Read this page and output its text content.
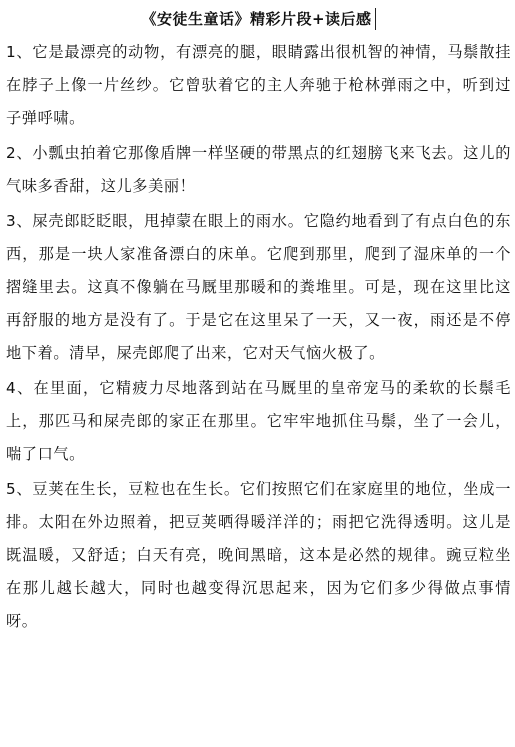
《安徒生童话》精彩片段+读后感

1、它是最漂亮的动物，有漂亮的腿，眼睛露出很机智的神情，马鬃散挂在脖子上像一片丝纱。它曾驮着它的主人奔驰于枪林弹雨之中，听到过子弹呼啸。

2、小瓢虫拍着它那像盾牌一样坚硬的带黑点的红翅膀飞来飞去。这儿的气味多香甜，这儿多美丽！

3、屎壳郎眨眨眼，甩掉蒙在眼上的雨水。它隐约地看到了有点白色的东西，那是一块人家准备漂白的床单。它爬到那里，爬到了湿床单的一个摺缝里去。这真不像躺在马厩里那暖和的粪堆里。可是，现在这里比这再舒服的地方是没有了。于是它在这里呆了一天，又一夜，雨还是不停地下着。清早，屎壳郎爬了出来，它对天气恼火极了。

4、在里面，它精疲力尽地落到站在马厩里的皇帝宠马的柔软的长鬃毛上，那匹马和屎壳郎的家正在那里。它牢牢地抓住马鬃，坐了一会儿，喘了口气。

5、豆荚在生长，豆粒也在生长。它们按照它们在家庭里的地位，坐成一排。太阳在外边照着，把豆荚晒得暖洋洋的；雨把它洗得透明。这儿是既温暖，又舒适；白天有亮，晚间黑暗，这本是必然的规律。豌豆粒坐在那儿越长越大，同时也越变得沉思起来，因为它们多少得做点事情呀。
